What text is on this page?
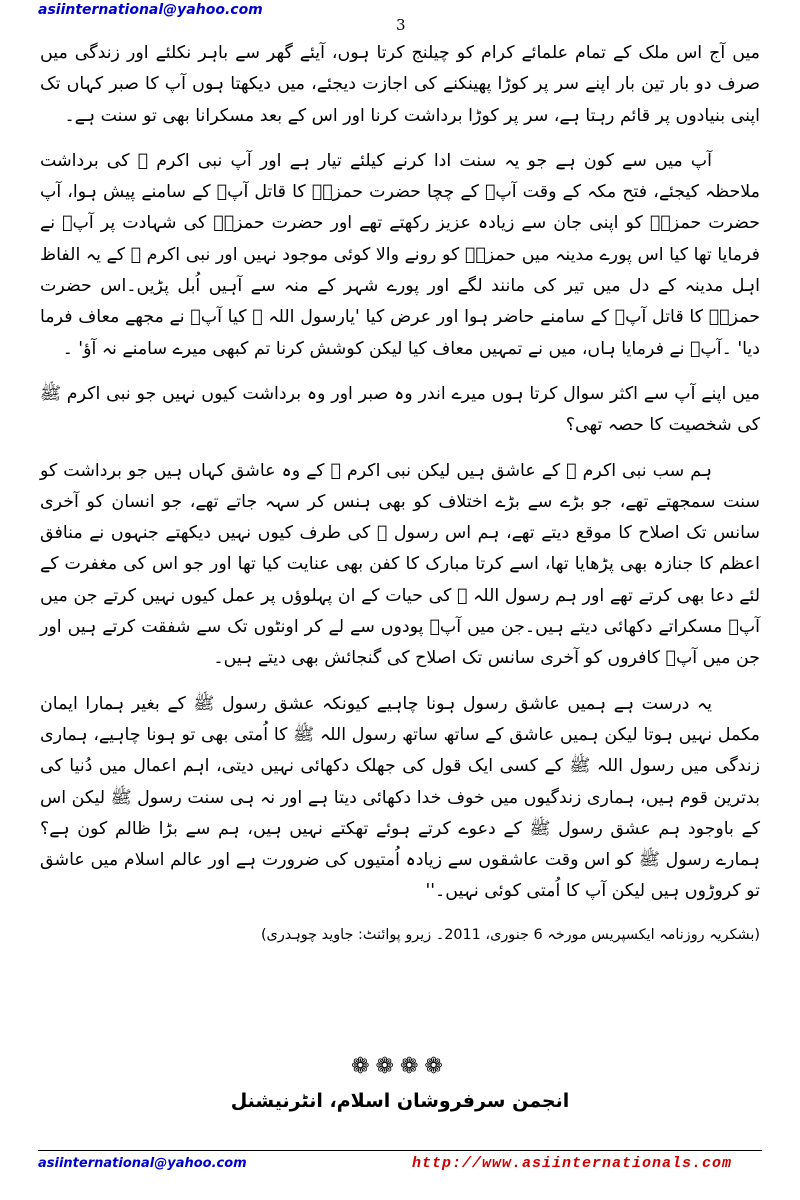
asiinternational@yahoo.com
3

میں آج اس ملک کے تمام علمائے کرام کو چیلنج کرتا ہوں، آیئے گھر سے باہر نکلئے اور زندگی میں صرف دو بار تین بار اپنے سر پر کوڑا پھینکنے کی اجازت دیجئے، میں دیکھتا ہوں آپ کا صبر کہاں تک اپنی بنیادوں پر قائم رہتا ہے، سر پر کوڑا برداشت کرنا اور اس کے بعد مسکرانا بھی تو سنت ہے۔

آپ میں سے کون ہے جو یہ سنت ادا کرنے کیلئے تیار ہے اور آپ نبی اکرم ﷺ کی برداشت ملاحظہ کیجئے، فتح مکہ کے وقت آپؐ کے چچا حضرت حمزہؓ کا قاتل آپؐ کے سامنے پیش ہوا، آپ حضرت حمزہؓ کو اپنی جان سے زیادہ عزیز رکھتے تھے اور حضرت حمزہؓ کی شہادت پر آپؐ نے فرمایا تھا کیا اس پورے مدینہ میں حمزہؓ کو رونے والا کوئی موجود نہیں اور نبی اکرم ﷺ کے یہ الفاظ اہل مدینہ کے دل میں تیر کی مانند لگے اور پورے شہر کے منہ سے آہیں اُبل پڑیں۔اس حضرت حمزہؓ کا قاتل آپؐ کے سامنے حاضر ہوا اور عرض کیا 'یارسول اللہ ﷺ کیا آپؐ نے مجھے معاف فرما دیا' ۔آپؐ نے فرمایا ہاں، میں نے تمہیں معاف کیا لیکن کوشش کرنا تم کبھی میرے سامنے نہ آؤ' ۔

میں اپنے آپ سے اکثر سوال کرتا ہوں میرے اندر وہ صبر اور وہ برداشت کیوں نہیں جو نبی اکرم ﷺ کی شخصیت کا حصہ تھی؟

ہم سب نبی اکرم ﷺ کے عاشق ہیں لیکن نبی اکرم ﷺ کے وہ عاشق کہاں ہیں جو برداشت کو سنت سمجھتے تھے، جو بڑے سے بڑے اختلاف کو بھی ہنس کر سہہ جاتے تھے، جو انسان کو آخری سانس تک اصلاح کا موقع دیتے تھے، ہم اس رسول ﷺ کی طرف کیوں نہیں دیکھتے جنہوں نے منافق اعظم کا جنازہ بھی پڑھایا تھا، اسے کرتا مبارک کا کفن بھی عنایت کیا تھا اور جو اس کی مغفرت کے لئے دعا بھی کرتے تھے اور ہم رسول اللہ ﷺ کی حیات کے ان پہلوؤں پر عمل کیوں نہیں کرتے جن میں آپؐ مسکراتے دکھائی دیتے ہیں۔جن میں آپؐ پودوں سے لے کر اونٹوں تک سے شفقت کرتے ہیں اور جن میں آپؐ کافروں کو آخری سانس تک اصلاح کی گنجائش بھی دیتے ہیں۔

یہ درست ہے ہمیں عاشق رسول ہونا چاہیے کیونکہ عشق رسول ﷺ کے بغیر ہمارا ایمان مکمل نہیں ہوتا لیکن ہمیں عاشق کے ساتھ ساتھ رسول اللہ ﷺ کا اُمتی بھی تو ہونا چاہیے، ہماری زندگی میں رسول اللہ ﷺ کے کسی ایک قول کی جھلک دکھائی نہیں دیتی، اہم اعمال میں دُنیا کی بدترین قوم ہیں، ہماری زندگیوں میں خوف خدا دکھائی دیتا ہے اور نہ ہی سنت رسول ﷺ لیکن اس کے باوجود ہم عشق رسول ﷺ کے دعوے کرتے ہوئے تھکتے نہیں ہیں، ہم سے بڑا ظالم کون ہے؟ ہمارے رسول ﷺ کو اس وقت عاشقوں سے زیادہ اُمتیوں کی ضرورت ہے اور عالم اسلام میں عاشق تو کروڑوں ہیں لیکن آپ کا اُمتی کوئی نہیں۔''

(بشکریہ روزنامہ ایکسپریس مورخہ 6 جنوری، 2011۔ زیرو پوائنٹ: جاوید چوہدری)

❁❁❁❁
انجمن سرفروشان اسلام، انٹرنیشنل
asiinternational@yahoo.com	http://www.asiinternationals.com
